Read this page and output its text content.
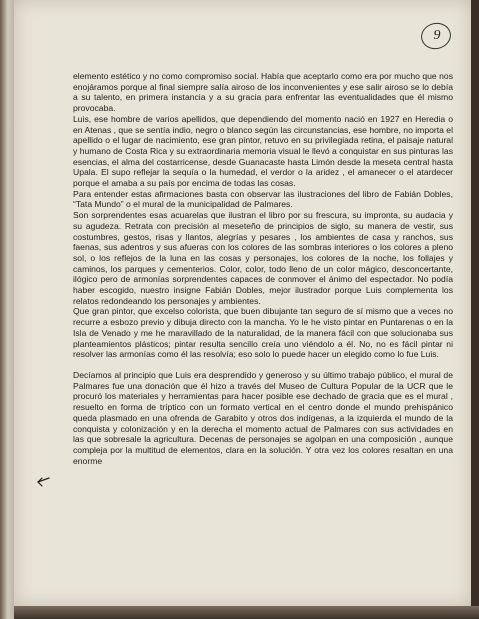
9

elemento estético y no como compromiso social. Había que aceptarlo como era por mucho que nos enojáramos porque al final siempre salía airoso de los inconvenientes y ese salir airoso se lo debía a su talento, en primera instancia y a su gracia para enfrentar las eventualidades que él mismo provocaba.

Luis, ese hombre de varios apellidos, que dependiendo del momento nació en 1927 en Heredia o en Atenas , que se sentía indio, negro o blanco según las circunstancias, ese hombre, no importa el apellido o el lugar de nacimiento, ese gran pintor, retuvo en su privilegiada retina, el paisaje natural y humano de Costa Rica y su extraordinaria memoria visual le llevó a conquistar en sus pinturas las esencias, el alma del costarricense, desde Guanacaste hasta Limón desde la meseta central hasta Upala. El supo reflejar la sequía o la humedad, el verdor o la aridez , el amanecer o el atardecer porque el amaba a su país por encima de todas las cosas.

Para entender estas afirmaciones basta con observar las ilustraciones del libro de Fabián Dobles, “Tata Mundo” o el mural de la municipalidad de Palmares.

Son sorprendentes esas acuarelas que ilustran el libro por su frescura, su impronta, su audacia y su agudeza. Retrata con precisión al meseteño de principios de siglo, su manera de vestir, sus costumbres, gestos, risas y llantos, alegrías y pesares , los ambientes de casa y ranchos, sus faenas, sus adentros y sus afueras con los colores de las sombras interiores o los colores a pleno sol, o los reflejos de la luna en las cosas y personajes, los colores de la noche, los follajes y caminos, los parques y cementerios. Color, color, todo lleno de un color mágico, desconcertante, ilógico pero de armonías sorprendentes capaces de conmover el ánimo del espectador. No podía haber escogido, nuestro insigne Fabián Dobles, mejor ilustrador porque Luis complementa los relatos redondeando los personajes y ambientes.

Que gran pintor, que excelso colorista, que buen dibujante tan seguro de sí mismo que a veces no recurre a esbozo previo y dibuja directo con la mancha. Yo le he visto pintar en Puntarenas o en la Isla de Venado y me he maravillado de la naturalidad, de la manera fácil con que solucionaba sus planteamientos plásticos; pintar resulta sencillo creía uno viéndolo a él. No, no es fácil pintar ni resolver las armonías como él las resolvía; eso solo lo puede hacer un elegido como lo fue Luis.

Decíamos al principio que Luis era desprendido y generoso y su último trabajo público, el mural de Palmares fue una donación que él hizo a través del Museo de Cultura Popular de la UCR que le procuró los materiales y herramientas para hacer posible ese dechado de gracia que es el mural , resuelto en forma de tríptico con un formato vertical en el centro donde el mundo prehispánico queda plasmado en una ofrenda de Garabito y otros dos indígenas, a la izquierda el mundo de la conquista y colonización y en la derecha el momento actual de Palmares con sus actividades en las que sobresale la agricultura. Decenas de personajes se agolpan en una composición , aunque compleja por la multitud de elementos, clara en la solución. Y otra vez los colores resaltan en una enorme
